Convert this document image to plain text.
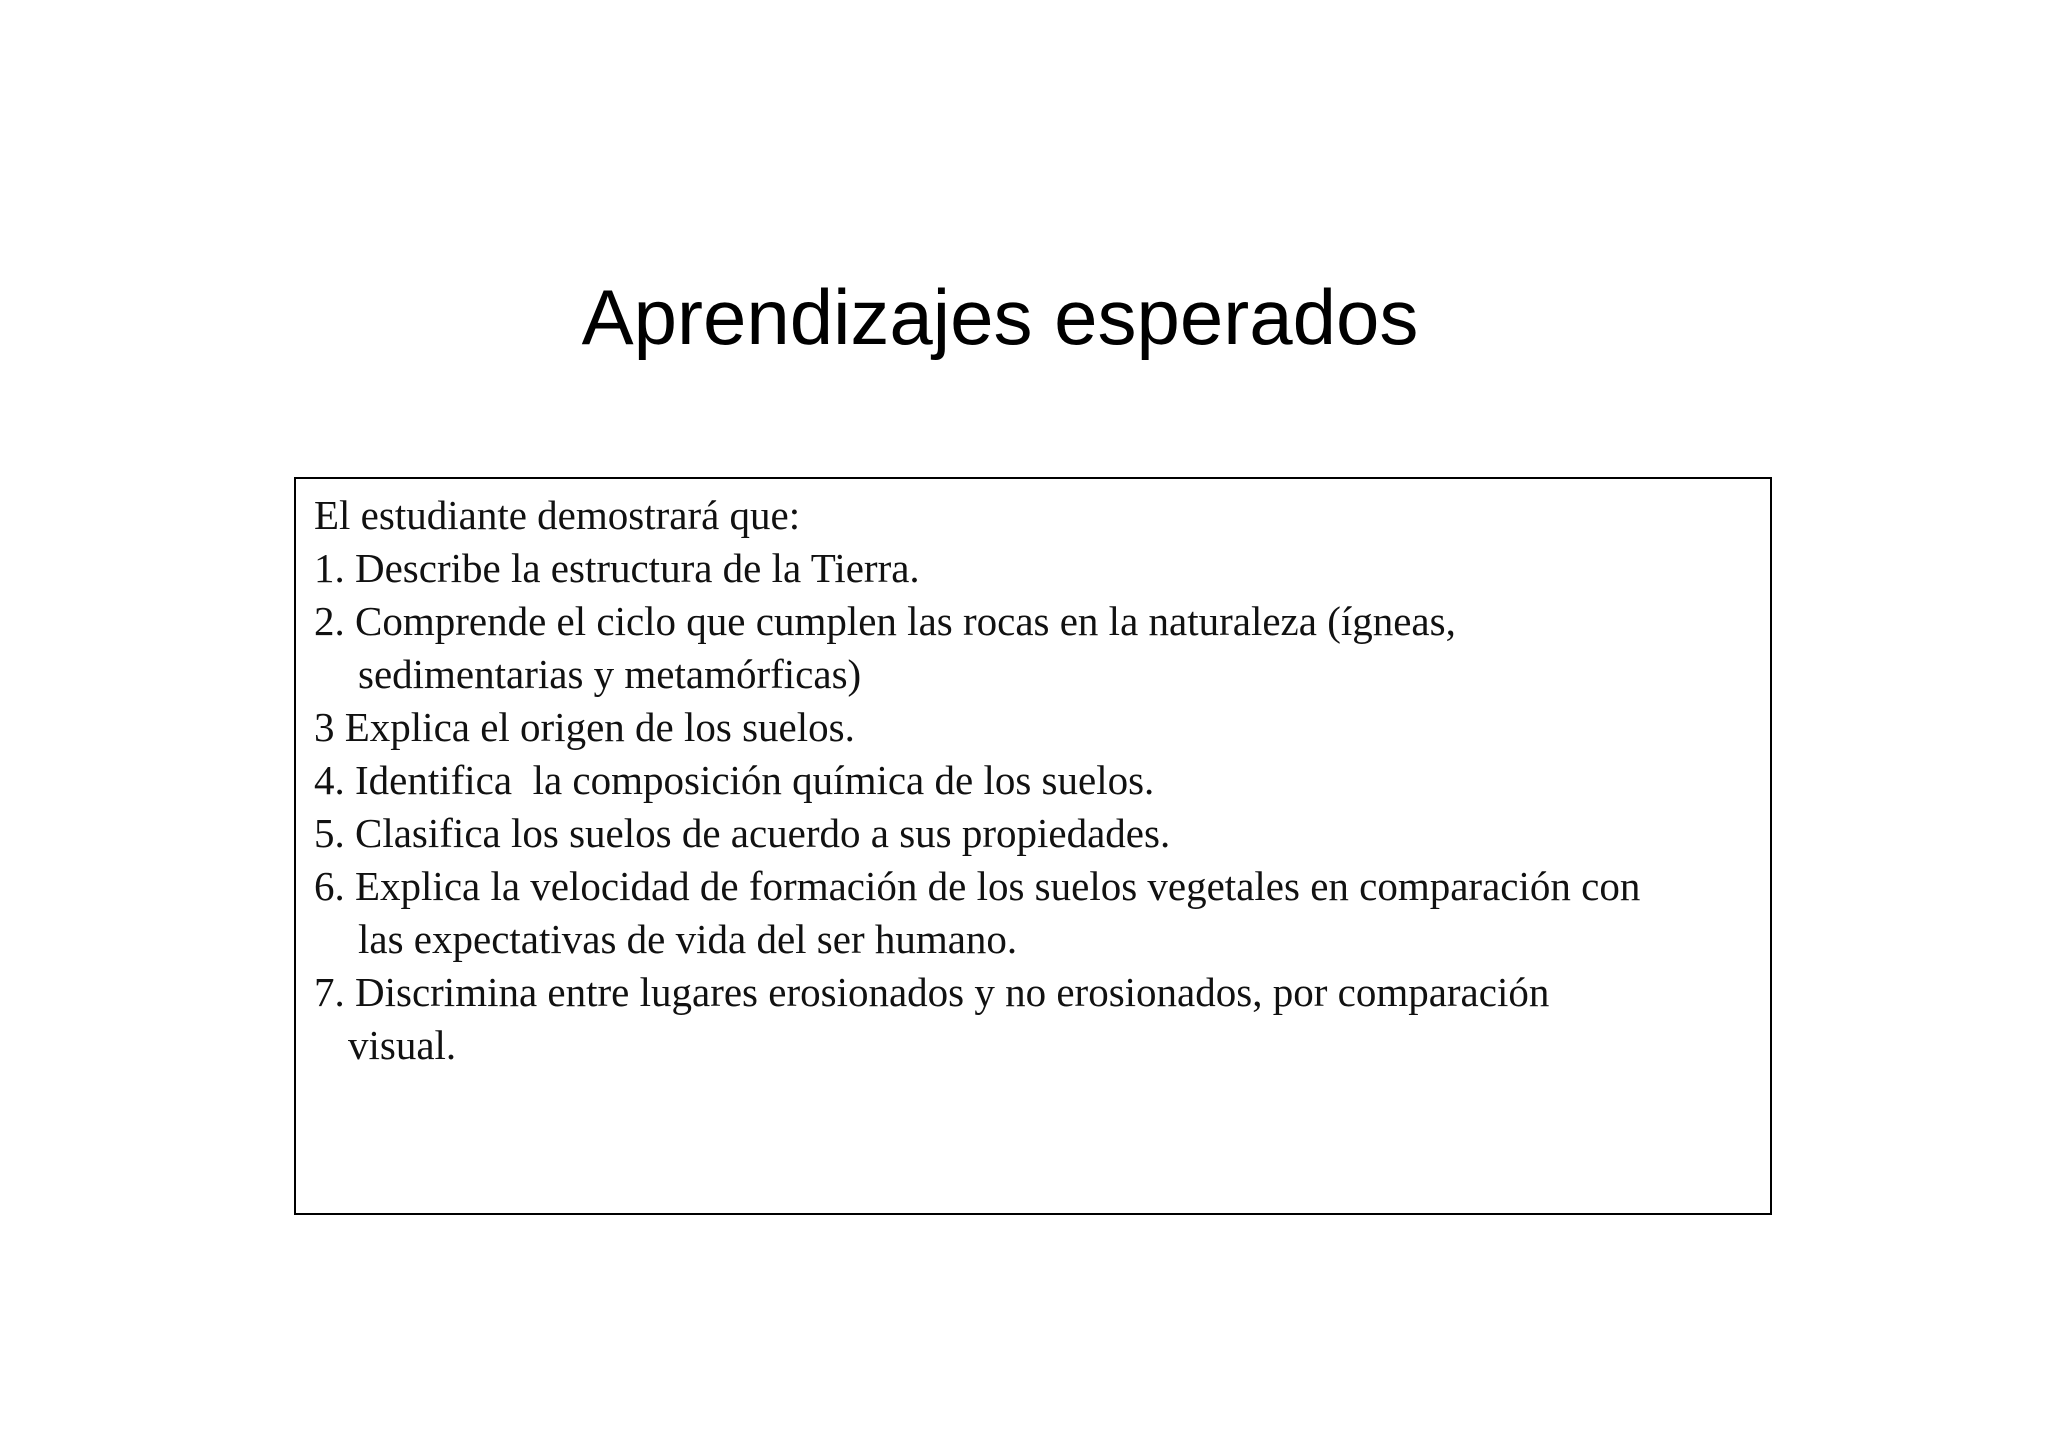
Aprendizajes esperados
El estudiante demostrará que:
1. Describe la estructura de la Tierra.
2. Comprende el ciclo que cumplen las rocas en la naturaleza (ígneas,
sedimentarias y metamórficas)
3 Explica el origen de los suelos.
4. Identifica  la composición química de los suelos.
5. Clasifica los suelos de acuerdo a sus propiedades.
6. Explica la velocidad de formación de los suelos vegetales en comparación con
las expectativas de vida del ser humano.
7. Discrimina entre lugares erosionados y no erosionados, por comparación
visual.
